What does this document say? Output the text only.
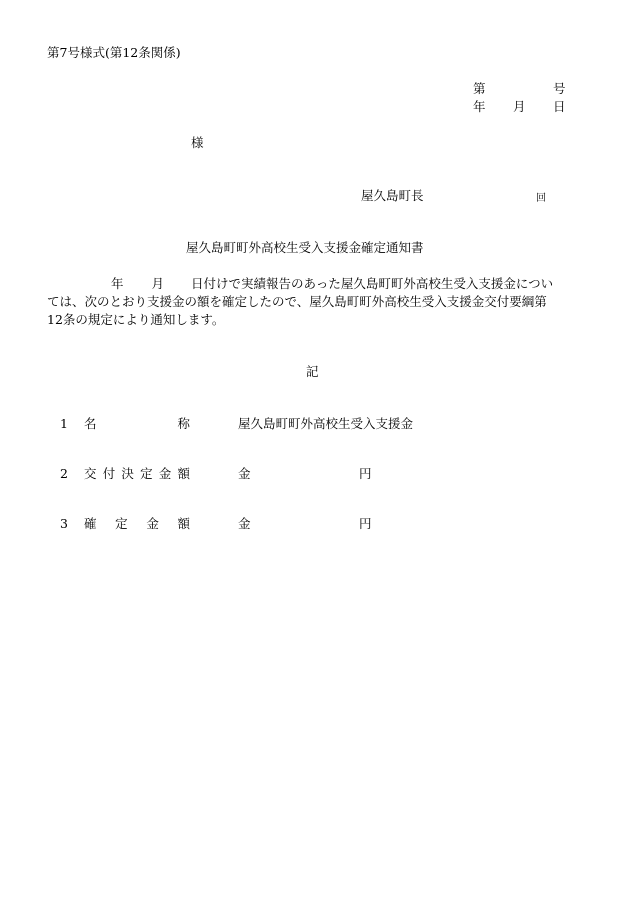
第7号様式(第12条関係)
第	号
年 月 日
様
屋久島町長	回
屋久島町町外高校生受入支援金確定通知書
年 月 日付けで実績報告のあった屋久島町町外高校生受入支援金につい
ては、次のとおり支援金の額を確定したので、屋久島町町外高校生受入支援金交付要綱第
12条の規定により通知します。
記
1 名	称	屋久島町町外高校生受入支援金
2 交 付 決 定 金 額	金	円
3 確 定 金 額	金	円
